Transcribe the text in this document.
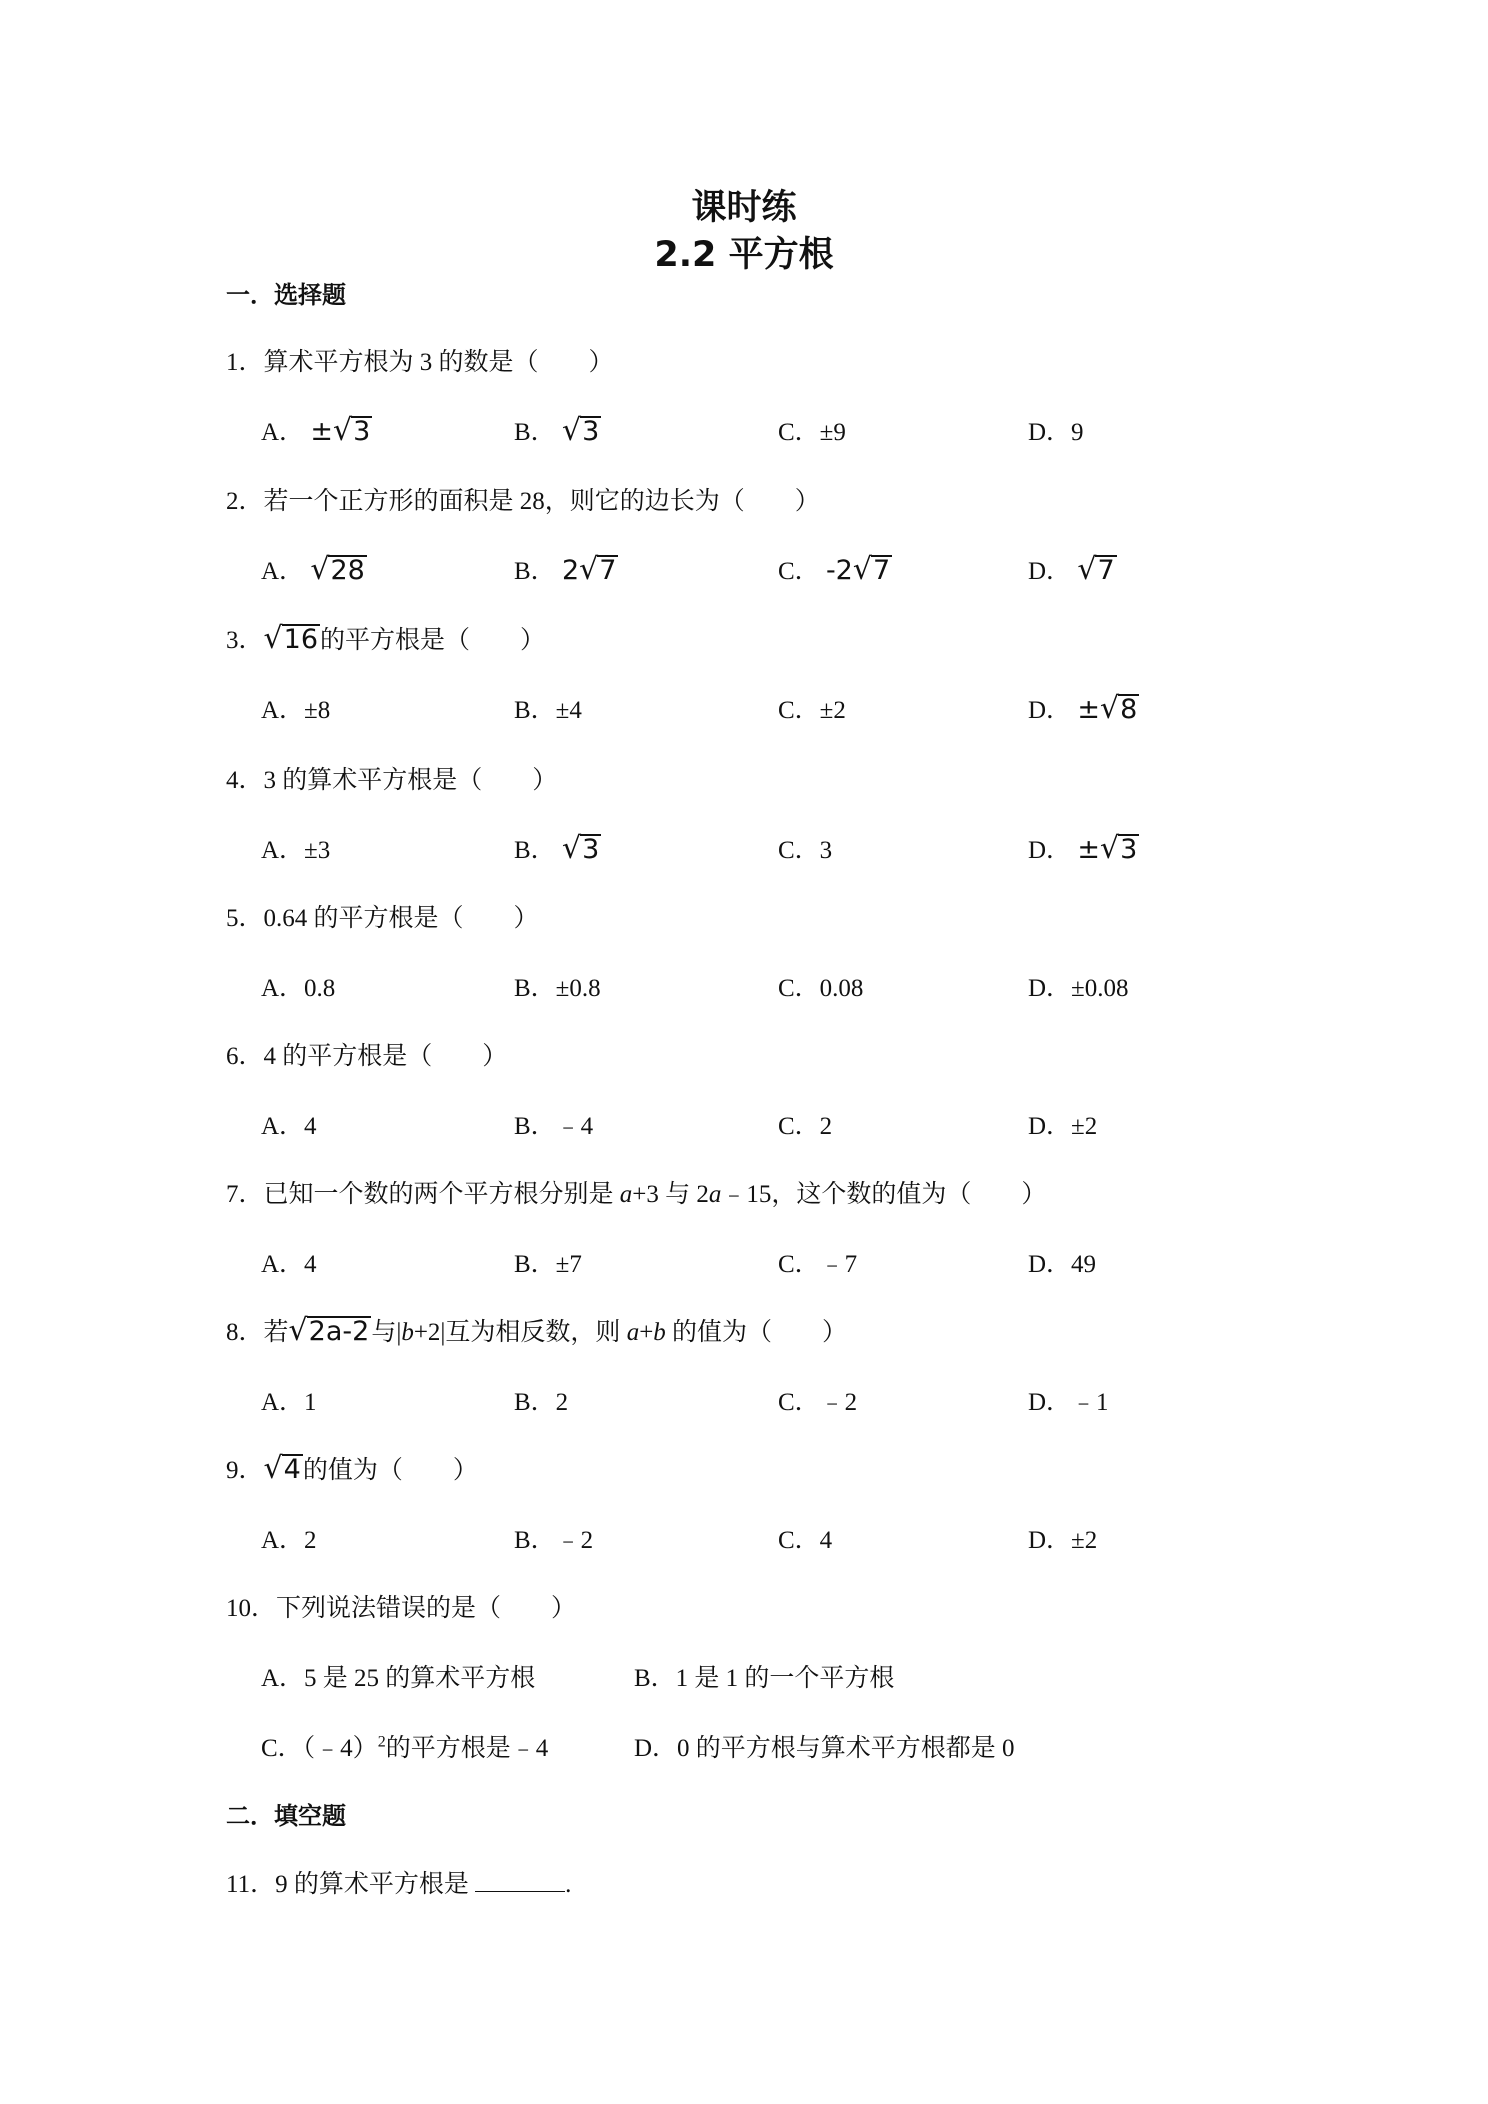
课时练
2.2 平方根
一．选择题
1．算术平方根为 3 的数是（　　）
A． ±√3	B． √3	C．±9	D．9
2．若一个正方形的面积是 28，则它的边长为（　　）
A． √28	B． 2√7	C． -2√7	D． √7
3．√16的平方根是（　　）
A．±8	B．±4	C．±2	D． ±√8
4．3 的算术平方根是（　　）
A．±3	B． √3	C．3	D． ±√3
5．0.64 的平方根是（　　）
A．0.8	B．±0.8	C．0.08	D．±0.08
6．4 的平方根是（　　）
A．4	B．﹣4	C．2	D．±2
7．已知一个数的两个平方根分别是 a+3 与 2a﹣15，这个数的值为（　　）
A．4	B．±7	C．﹣7	D．49
8．若√2a-2与|b+2|互为相反数，则 a+b 的值为（　　）
A．1	B．2	C．﹣2	D．﹣1
9．√4的值为（　　）
A．2	B．﹣2	C．4	D．±2
10．下列说法错误的是（　　）
A．5 是 25 的算术平方根	B．1 是 1 的一个平方根
C．（﹣4）$^2$的平方根是﹣4	D．0 的平方根与算术平方根都是 0
二．填空题
11．9 的算术平方根是	.
